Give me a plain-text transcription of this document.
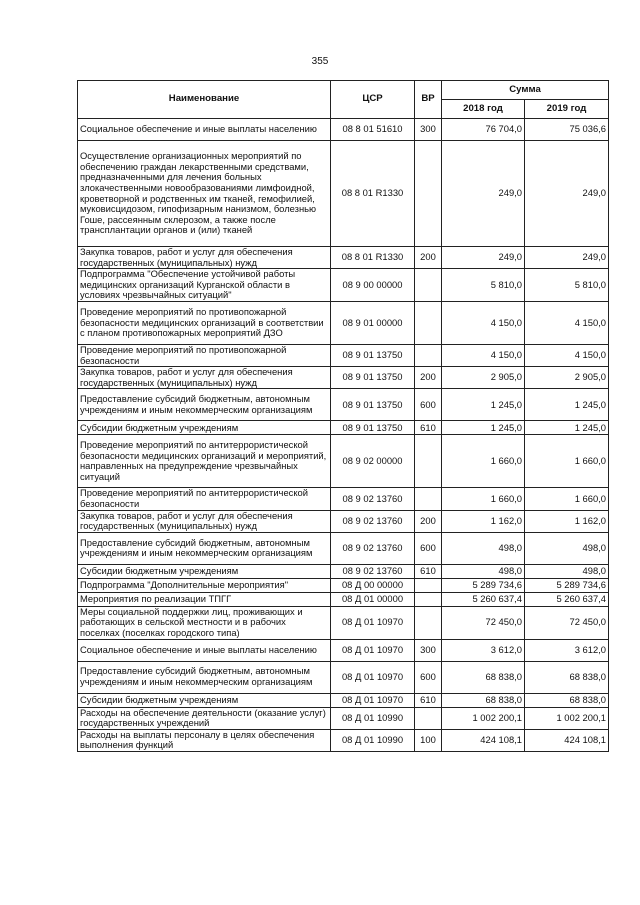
355
Наименование	ЦСР	ВР	Сумма	
			2018 год	2019 год
Социальное обеспечение и иные выплаты населению	08 8 01 51610	300	76 704,0	75 036,6
Осуществление организационных мероприятий по обеспечению граждан лекарственными средствами, предназначенными для лечения больных злокачественными новообразованиями лимфоидной, кроветворной и родственных им тканей, гемофилией, муковисцидозом, гипофизарным нанизмом, болезнью Гоше, рассеянным склерозом, а также после трансплантации органов и (или) тканей	08 8 01 R1330		249,0	249,0
Закупка товаров, работ и услуг для обеспечения государственных (муниципальных) нужд	08 8 01 R1330	200	249,0	249,0
Подпрограмма "Обеспечение устойчивой работы медицинских организаций Курганской области в условиях чрезвычайных ситуаций"	08 9 00 00000		5 810,0	5 810,0
Проведение мероприятий по противопожарной безопасности медицинских организаций в соответствии с планом противопожарных мероприятий ДЗО	08 9 01 00000		4 150,0	4 150,0
Проведение мероприятий по противопожарной безопасности	08 9 01 13750		4 150,0	4 150,0
Закупка товаров, работ и услуг для обеспечения государственных (муниципальных) нужд	08 9 01 13750	200	2 905,0	2 905,0
Предоставление субсидий бюджетным, автономным учреждениям и иным некоммерческим организациям	08 9 01 13750	600	1 245,0	1 245,0
Субсидии бюджетным учреждениям	08 9 01 13750	610	1 245,0	1 245,0
Проведение мероприятий по антитеррористической безопасности медицинских организаций и мероприятий, направленных на предупреждение чрезвычайных ситуаций	08 9 02 00000		1 660,0	1 660,0
Проведение мероприятий по антитеррористической безопасности	08 9 02 13760		1 660,0	1 660,0
Закупка товаров, работ и услуг для обеспечения государственных (муниципальных) нужд	08 9 02 13760	200	1 162,0	1 162,0
Предоставление субсидий бюджетным, автономным учреждениям и иным некоммерческим организациям	08 9 02 13760	600	498,0	498,0
Субсидии бюджетным учреждениям	08 9 02 13760	610	498,0	498,0
Подпрограмма "Дополнительные мероприятия"	08 Д 00 00000		5 289 734,6	5 289 734,6
Мероприятия по реализации ТПГГ	08 Д 01 00000		5 260 637,4	5 260 637,4
Меры социальной поддержки лиц, проживающих и работающих в сельской местности и в рабочих поселках (поселках городского типа)	08 Д 01 10970		72 450,0	72 450,0
Социальное обеспечение и иные выплаты населению	08 Д 01 10970	300	3 612,0	3 612,0
Предоставление субсидий бюджетным, автономным учреждениям и иным некоммерческим организациям	08 Д 01 10970	600	68 838,0	68 838,0
Субсидии бюджетным учреждениям	08 Д 01 10970	610	68 838,0	68 838,0
Расходы на обеспечение деятельности (оказание услуг) государственных учреждений	08 Д 01 10990		1 002 200,1	1 002 200,1
Расходы на выплаты персоналу в целях обеспечения выполнения функций	08 Д 01 10990	100	424 108,1	424 108,1
